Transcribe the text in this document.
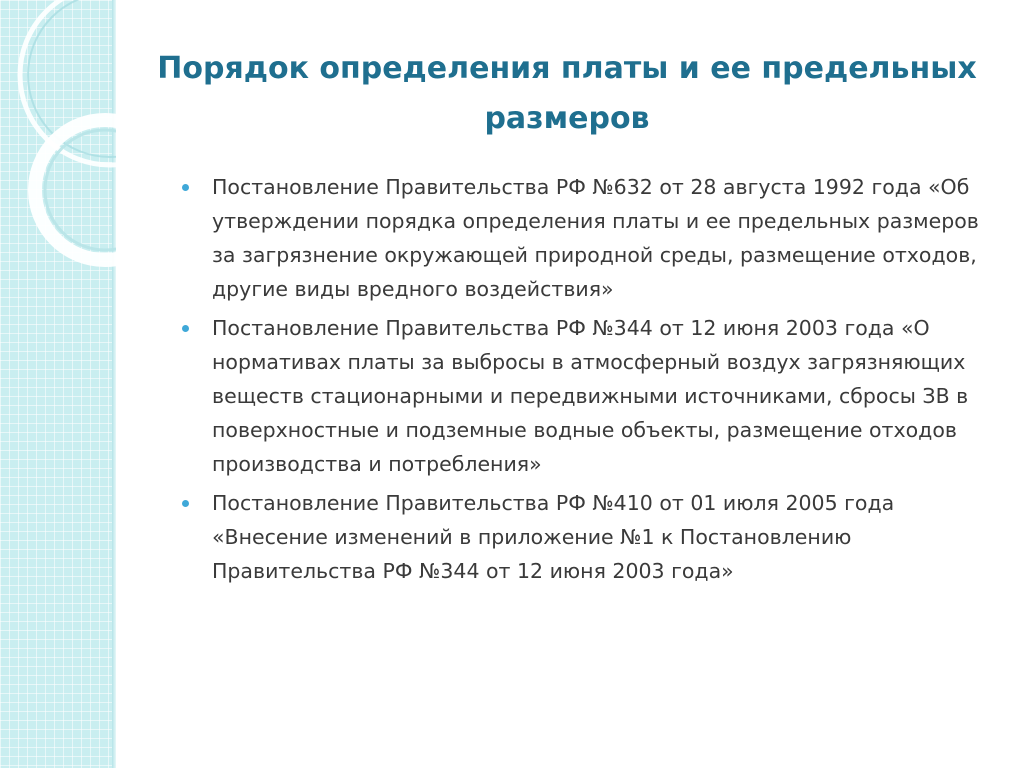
Порядок определения платы и ее предельных размеров
Постановление Правительства РФ №632 от 28 августа 1992 года «Об утверждении порядка определения платы и ее предельных размеров за загрязнение окружающей природной среды, размещение отходов, другие виды вредного воздействия»
Постановление Правительства РФ №344 от 12 июня 2003 года «О нормативах платы за выбросы в атмосферный воздух загрязняющих веществ стационарными и передвижными источниками, сбросы ЗВ в поверхностные и подземные водные объекты, размещение отходов производства и потребления»
Постановление Правительства РФ №410 от 01 июля 2005 года «Внесение изменений в приложение №1 к Постановлению Правительства РФ №344 от 12 июня 2003 года»
